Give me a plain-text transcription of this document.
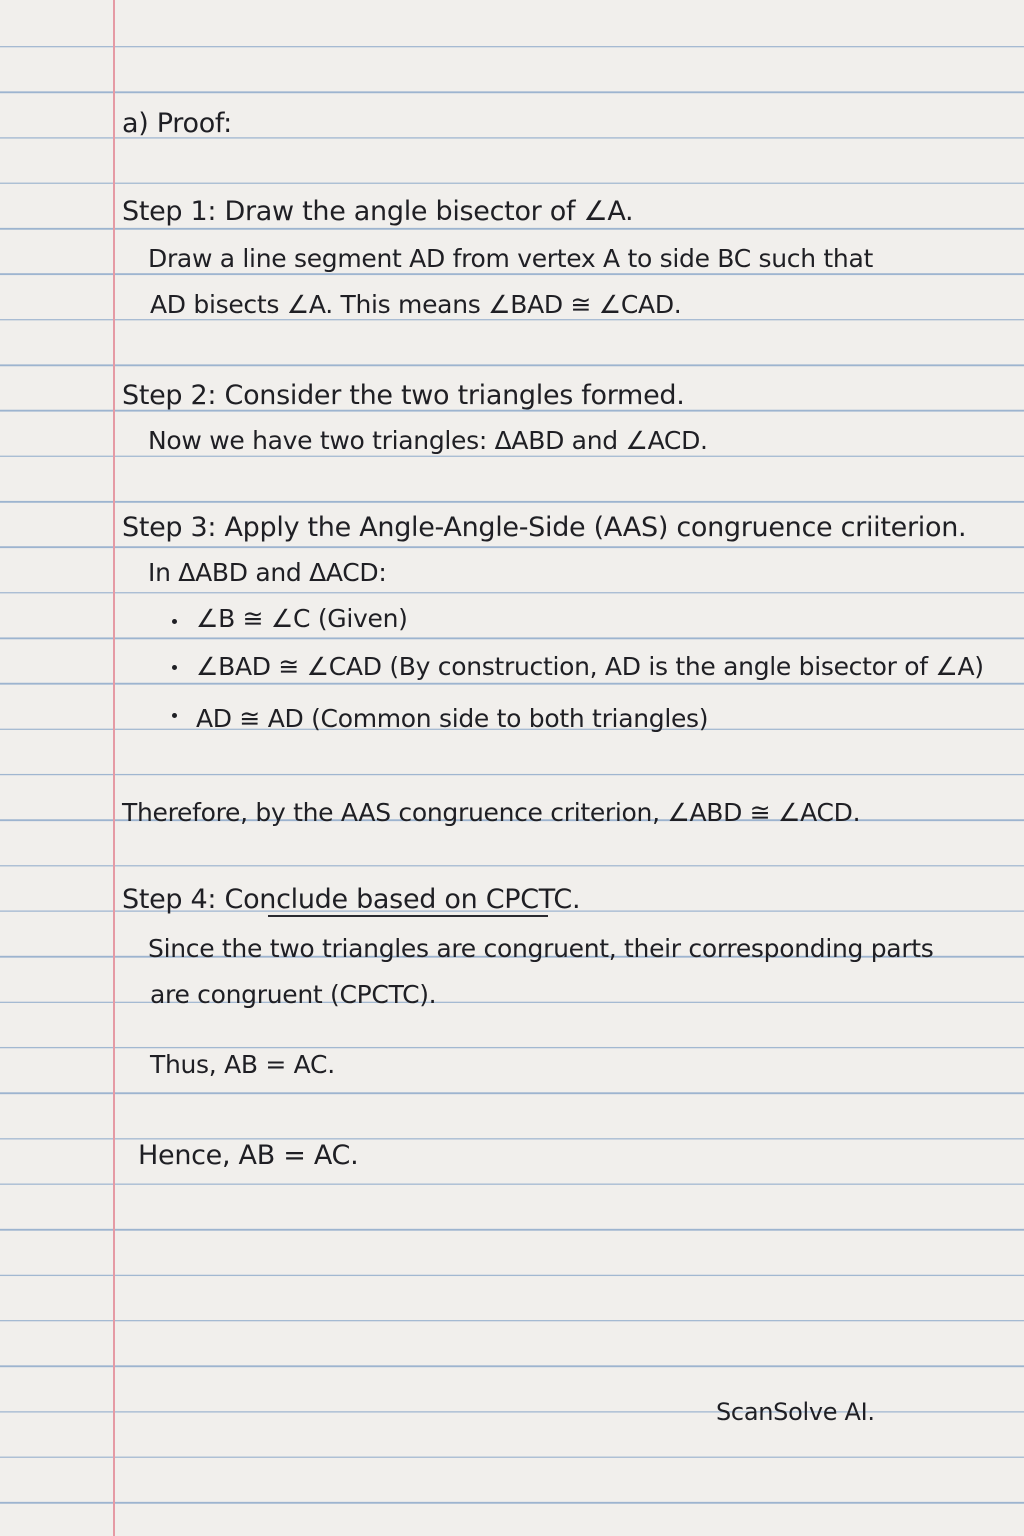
a) Proof:
Step 1: Draw the angle bisector of ∠A.
Draw a line segment AD from vertex A to side BC such that
AD bisects ∠A. This means ∠BAD ≅ ∠CAD.
Step 2: Consider the two triangles formed.
Now we have two triangles: ΔABD and ∠ACD.
Step 3: Apply the Angle-Angle-Side (AAS) congruence criiterion.
In ΔABD and ΔACD:
∠B ≅ ∠C (Given)
∠BAD ≅ ∠CAD (By construction, AD is the angle bisector of ∠A)
AD ≅ AD (Common side to both triangles)
Therefore, by the AAS congruence criterion, ∠ABD ≅ ∠ACD.
Step 4: Conclude based on CPCTC.
Since the two triangles are congruent, their corresponding parts
are congruent (CPCTC).
Thus, AB = AC.
Hence, AB = AC.
ScanSolve AI.
